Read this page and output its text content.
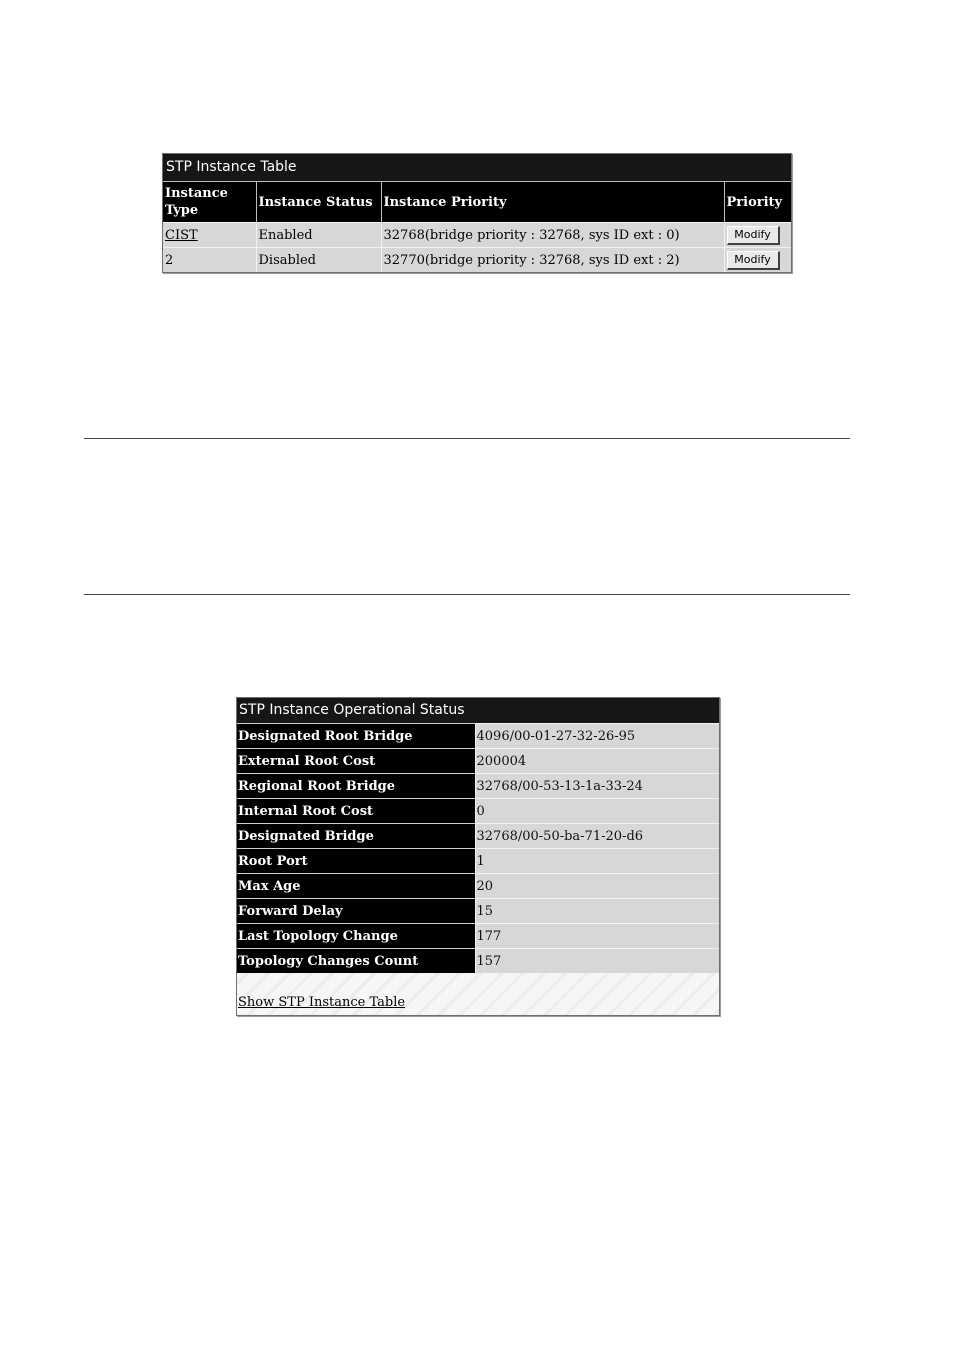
STP Instance Table
Instance
Type	Instance Status	Instance Priority	Priority
CIST	Enabled	32768(bridge priority : 32768, sys ID ext : 0)	Modify
2	Disabled	32770(bridge priority : 32768, sys ID ext : 2)	Modify
STP Instance Operational Status
Designated Root Bridge	4096/00-01-27-32-26-95
External Root Cost	200004
Regional Root Bridge	32768/00-53-13-1a-33-24
Internal Root Cost	0
Designated Bridge	32768/00-50-ba-71-20-d6
Root Port	1
Max Age	20
Forward Delay	15
Last Topology Change	177
Topology Changes Count	157
Show STP Instance Table
